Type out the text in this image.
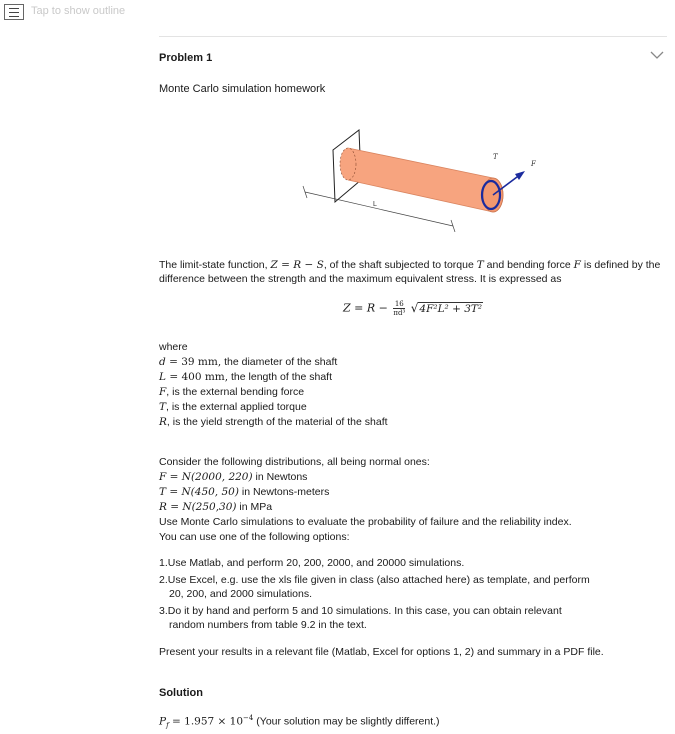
Tap to show outline
Problem 1
Monte Carlo simulation homework
L
T
F
The limit-state function, Z = R − S, of the shaft subjected to torque T and bending force F is defined by the difference between the strength and the maximum equivalent stress. It is expressed as
$Z = R - \frac{16}{\text{πd³}} √4F^2L^2 + 3T^2$
where
d = 39 mm, the diameter of the shaft
L = 400 mm, the length of the shaft
F, is the external bending force
T, is the external applied torque
R, is the yield strength of the material of the shaft
Consider the following distributions, all being normal ones:
F = N(2000, 220) in Newtons
T = N(450, 50) in Newtons-meters
R = N(250,30) in MPa
Use Monte Carlo simulations to evaluate the probability of failure and the reliability index.
You can use one of the following options:
1.Use Matlab, and perform 20, 200, 2000, and 20000 simulations.
2.Use Excel, e.g. use the xls file given in class (also attached here) as template, and perform
20, 200, and 2000 simulations.
3.Do it by hand and perform 5 and 10 simulations. In this case, you can obtain relevant
random numbers from table 9.2 in the text.
Present your results in a relevant file (Matlab, Excel for options 1, 2) and summary in a PDF file.
Solution
$P_f = 1.957 \times 10^{-4}$ (Your solution may be slightly different.)
